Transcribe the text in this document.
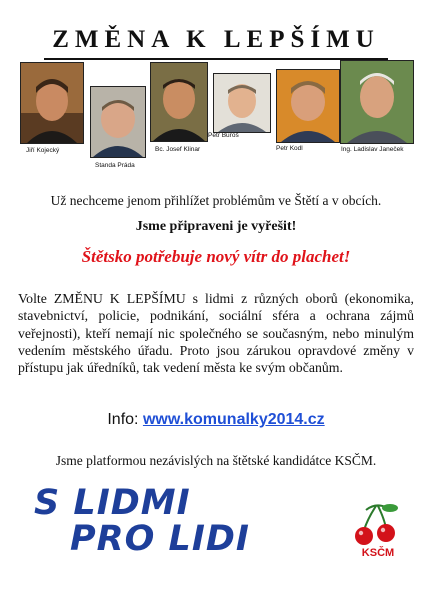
ZMĚNA K LEPŠÍMU
Jiří Kojecký
Standa Práda
Bc. Josef Klinar
Petr Buroš
Petr Kodl	Ing. Ladislav Janeček
Už nechceme jenom přihlížet problémům ve Štětí a v obcích.
Jsme připraveni je vyřešit!
Štětsko potřebuje nový vítr do plachet!
Volte ZMĚNU K LEPŠÍMU s lidmi z různých oborů (ekonomika, stavebnictví, policie, podnikání, sociální sféra a ochrana zájmů veřejnosti), kteří nemají nic společného se současným, nebo minulým vedením městského úřadu. Proto jsou zárukou opravdové změny v přístupu jak úředníků, tak vedení města ke svým občanům.
Info: www.komunalky2014.cz
Jsme platformou nezávislých na štětské kandidátce KSČM.
S LIDMI
PRO LIDI	KSČM
